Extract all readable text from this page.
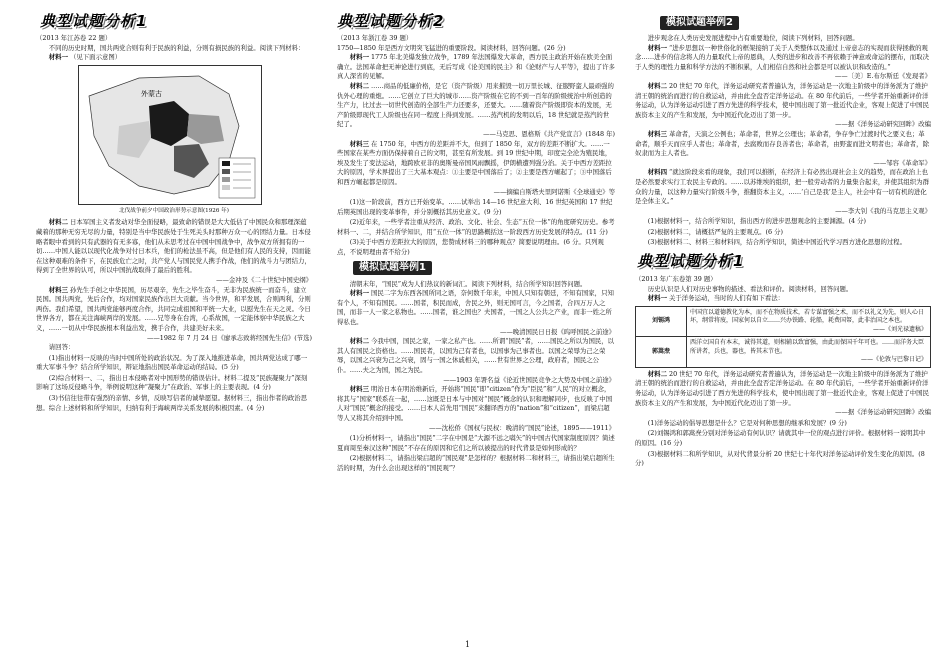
典型试题分析1

（2013 年江苏卷 22 题）

不同的历史时期，国共两党合则有利于民族的利益，分则有损民族的利益。阅读下列材料：

材料一 （见下面示意图）

外蒙古

北伐战争前夕中国政治形势示意图(1926 年)

材料二 日本军国主义者发动对华全面侵略，最致命的错误是大大低估了中国民众和那理深蕴藏着的那种无穷无尽的力量，特别是当中华民族处于生死关头时那种万众一心的团结力量。日本侵略者眼中看到的只有武器的有无多寡，他们从未思考过在中国中国战争中，战争双方所拥有的一切……中国人能以以现代化战争对付日本兵，他们的枪法虽不高，但是他们有人民的支持，因而能在这种艰难的条件下，在民族危亡之时，共产党人与国民党人携手作战，他们的战斗力与团结力，得到了全世界的认可，所以中国抗战取得了最后的胜利。

——金冲及《二十世纪中国史纲》

材料三 孙先生手创之中华民国，历尽艰辛，先生之毕生奋斗，无非为民族统一而奋斗，建立民国。国共两党，先后合作，均对国家民族作出巨大贡献。当今世界，和平发展，合则两利，分则两伤。我们希望，国共两党能够再度合作，共同完成祖国和平统一大业，以慰先生在天之灵。今日世界各方，都在关注海峡两岸的发展。……兄等身在台湾，心系故国，一定能体察中华民族之大义，……一切从中华民族根本利益出发，携手合作，共建美好未来。

——1982 年 7 月 24 日《廖承志致蒋经国先生信》(节选)

请回答：

(1)指出材料一反映的当时中国所处的政治状况。为了深入地推进革命，国共两党达成了哪一重大军事斗争？结合所学知识，辩证地指出国民革命运动的结局。(5 分)

(2)综合材料一、二，指出日本侵略者对中国形势的错误估计。材料二提及“民族凝聚力”深刻影响了这场反侵略斗争，举例说明这种“凝聚力”在政治、军事上的主要表现。(4 分)

(3)书信往往带有强烈的亲情、乡情，反映写信者的诚挚愿望。据材料三，指出作者的政治思想。综合上述材料和所学知识，归纳有利于海峡两岸关系发展的积极因素。(4 分)

典型试题分析2

（2013 年浙江卷 39 题）

1750—1850 年是西方文明突飞猛进的重要阶段。阅读材料，回答问题。(26 分)

材料一 1775 年北美爆发独立战争，1789 年法国爆发大革命，西方民主政治开始在欧美全面确立。法国革命把无神论进行到底，无后写成《论美国的民主》和《论财产与人平等》，提出了许多真人深省的见解。

材料二 ……商品的低廉价格，是它（资产阶级）用来摧毁一切万里长城、征服野蛮人最顽强的仇外心理的重炮。……它创立了巨大的城市……资产阶级在它的不到一百年的阶级统治中所创造的生产力，比过去一切世代创造的全部生产力还要多，还要大。……随着资产阶级即资本的发展，无产阶级即现代工人阶级也在同一程度上得到发展。……蒸汽机的发明以后，18 世纪就是蒸汽的世纪了。

——马克思、恩格斯《共产党宣言》(1848 年)

材料三 在 1750 年，中西方的差距并不大，但到了 1850 年，双方的差距不断扩大。……一些国家在某些方面仍保持着自己的文明，甚至有所发展。到 19 世纪中期，印度完全沦为殖民地，埃及发生了变法运动，地跨欧亚非的奥斯曼帝国风雨飘摇，伊朗横遭列强分治。关于中西方差距拉大的原因，学术界提出了三大基本观点：①主要是中国落后了；②主要是西方崛起了；③中国落后和西方崛起都是原因。

——摘编自斯塔夫里阿诺斯《全球通史》等

(1)这一阶段前，西方已开始变革。……试举出 14—16 世纪意大利、16 世纪英国和 17 世纪后期英国出现的变革事件，并分别概括其历史意义。(9 分)

(2)近年来，一些学者注重从经济、政治、文化、社会、生态“五位一体”的角度研究历史。参考材料一、二，并结合所学知识，用“五位一体”的思路概括这一阶段西方历史发展的特点。(11 分)

(3)关于中西方差距拉大的原因，您赞成材料三的哪种观点？简要说明理由。(6 分。只列观点，不说明理由者不给分)

模拟试题举例1

清朝末年，“国民”成为人们热议的新词汇。阅读下列材料，结合所学知识回答问题。

材料一 国民二字为东西各国所同之语，奈何数千年来，中国人只知有朝廷，不知有国家，只知有个人，不知有国民。……国者，积民而成，舍民之外，则无国可言，今之国者，合四万万人之国，而非一人一家之私物也。……国者，谁之国也？夫国者，一国之人公共之产业，而非一姓之所得私也。

——晚清国民日日报《呜呼国民之前途》

材料二 今我中国，国民之家，一家之私产也。……所谓“国民”者，……国民之所以为国民，以其人有国民之资格也。……国民者，以国为己有者也，以国事为己事者也。以国之荣辱为己之荣辱，以国之兴衰为己之兴衰，固与一国之休戚相关，……世有世界之公理，政府者，国民之公仆。……夫之为国，国之为民。

——1903 年署名益《论近世国民竞争之大势及中国之前途》

材料三 明治日本在明治维新后，开始将“国民”即“citizen”作为“臣民”和“人民”的对立概念，将其与“国家”联系在一起，……这既是日本与中国对“国民”概念的认识和理解同步，也反映了中国人对“国民”概念的接受。……日本人首先用“国民”来翻译西方的“nation”和“citizen”，而梁启超等人又将其介绍到中国。

——沈松侨《国权与民权：晚清的“国民”论述，1895——1911》

(1)分析材料一，请指出“国民”二字在中国是“大源不远之嚆矢”的中国古代国家制度原因？简述夏商周至秦汉这种“国民”不存在的原因和它们之所以被提出的时代背景是如何形成的？

(2)根据材料二，请指出梁启超的“国民观”是怎样的？根据材料二和材料三，请指出梁启超所生活的时期，为什么会出现这样的“国民观”？

模拟试题举例2

进步观念在人类历史发展进程中占有重要地位，阅读下列材料，回答问题。

材料一 “进步思想以一种世俗化的框架接纳了关于人类整体以及通过上帝意志的实现而获得拯救的观念……进步的信念将人的力量取代上帝的恩典，人类的进步和改善不再依赖于神意或命运的摆布，而取决于人类的理性力量和科学方法的不断积累，人们相信自然和社会都是可以被认识和改造的。”

——〔美〕E.布尔斯廷《发现者》

材料二 20 世纪 70 年代，洋务运动研究者普遍认为，洋务运动是一次地主阶级中的洋务派为了维护清王朝的统治而进行的自救运动，并由此全盘否定洋务运动。在 80 年代前后，一些学者开始重新评价洋务运动，认为洋务运动引进了西方先进的科学技术，使中国出现了第一批近代企业，客观上促进了中国民族资本主义的产生和发展，为中国近代化迈出了第一步。

——据《洋务运动研究回眸》改编

材料三 革命者，天演之公例也；革命者，世界之公理也；革命者，争存争亡过渡时代之要义也；革命者，顺乎天而应乎人者也；革命者，去腐败而存良善者也；革命者，由野蛮而进文明者也；革命者，除奴隶而为主人者也。

——邹容《革命军》

材料四 “就这阶段来看的现象，我们可以推断，在经济上有必然出现社会主义的趋势，而在政治上也是必然要求实行工农民主专政的。……以苏维埃的组织，把一般劳动者的力量集合起来，并使其组织为群众的力量，以这种力量实行阶级斗争，推翻资本主义，……‘自己是我’是主人，社会中有一切有机的进化是全体主义。”

——李大钊《我的马克思主义观》

(1)根据材料一，结合所学知识，指出西方的进步思想观念的主要渊源。(4 分)

(2)根据材料二，请概括严复的主要观点。(6 分)

(3)根据材料二、材料三和材料四，结合所学知识，简述中国近代学习西方进化思想的过程。

典型试题分析1

（2013 年广东卷第 39 题）

历史认识是人们对历史事物的描述、看法和评价。阅读材料，回答问题。

材料一 关于洋务运动，当时的人们有如下看法：

刘锡鸿	中国宜以道德教化为本，而不在物质技术，若专谋富强之术，而不以礼义为先，则人心日坏，纲常将废，国家何以自立……兴办铁路、轮船，耗费国帑，此非治国之本也。
——《刘光禄遗稿》

郭嵩焘	西洋立国自有本末，诚得其道，则相辅以致富强，由此而保国千年可也。……而洋务大臣所讲者，兵也，器也，皆其末节也。
——《伦敦与巴黎日记》

材料二 20 世纪 70 年代，洋务运动研究者普遍认为，洋务运动是一次地主阶级中的洋务派为了维护清王朝的统治而进行的自救运动，并由此全盘否定洋务运动。在 80 年代前后，一些学者开始重新评价洋务运动，认为洋务运动引进了西方先进的科学技术，使中国出现了第一批近代企业，客观上促进了中国民族资本主义的产生和发展，为中国近代化迈出了第一步。

——据《洋务运动研究回眸》改编

(1)洋务运动的倡导思想是什么？它是对何种思想的继承和发展？(9 分)

(2)刘锡鸿和郭嵩焘分别对洋务运动有何认识？请就其中一位的观点进行评价。根据材料一说明其中的原因。(16 分)

(3)根据材料二和所学知识，从对代背景分析 20 世纪七十年代对洋务运动评价发生变化的原因。(8 分)

1
